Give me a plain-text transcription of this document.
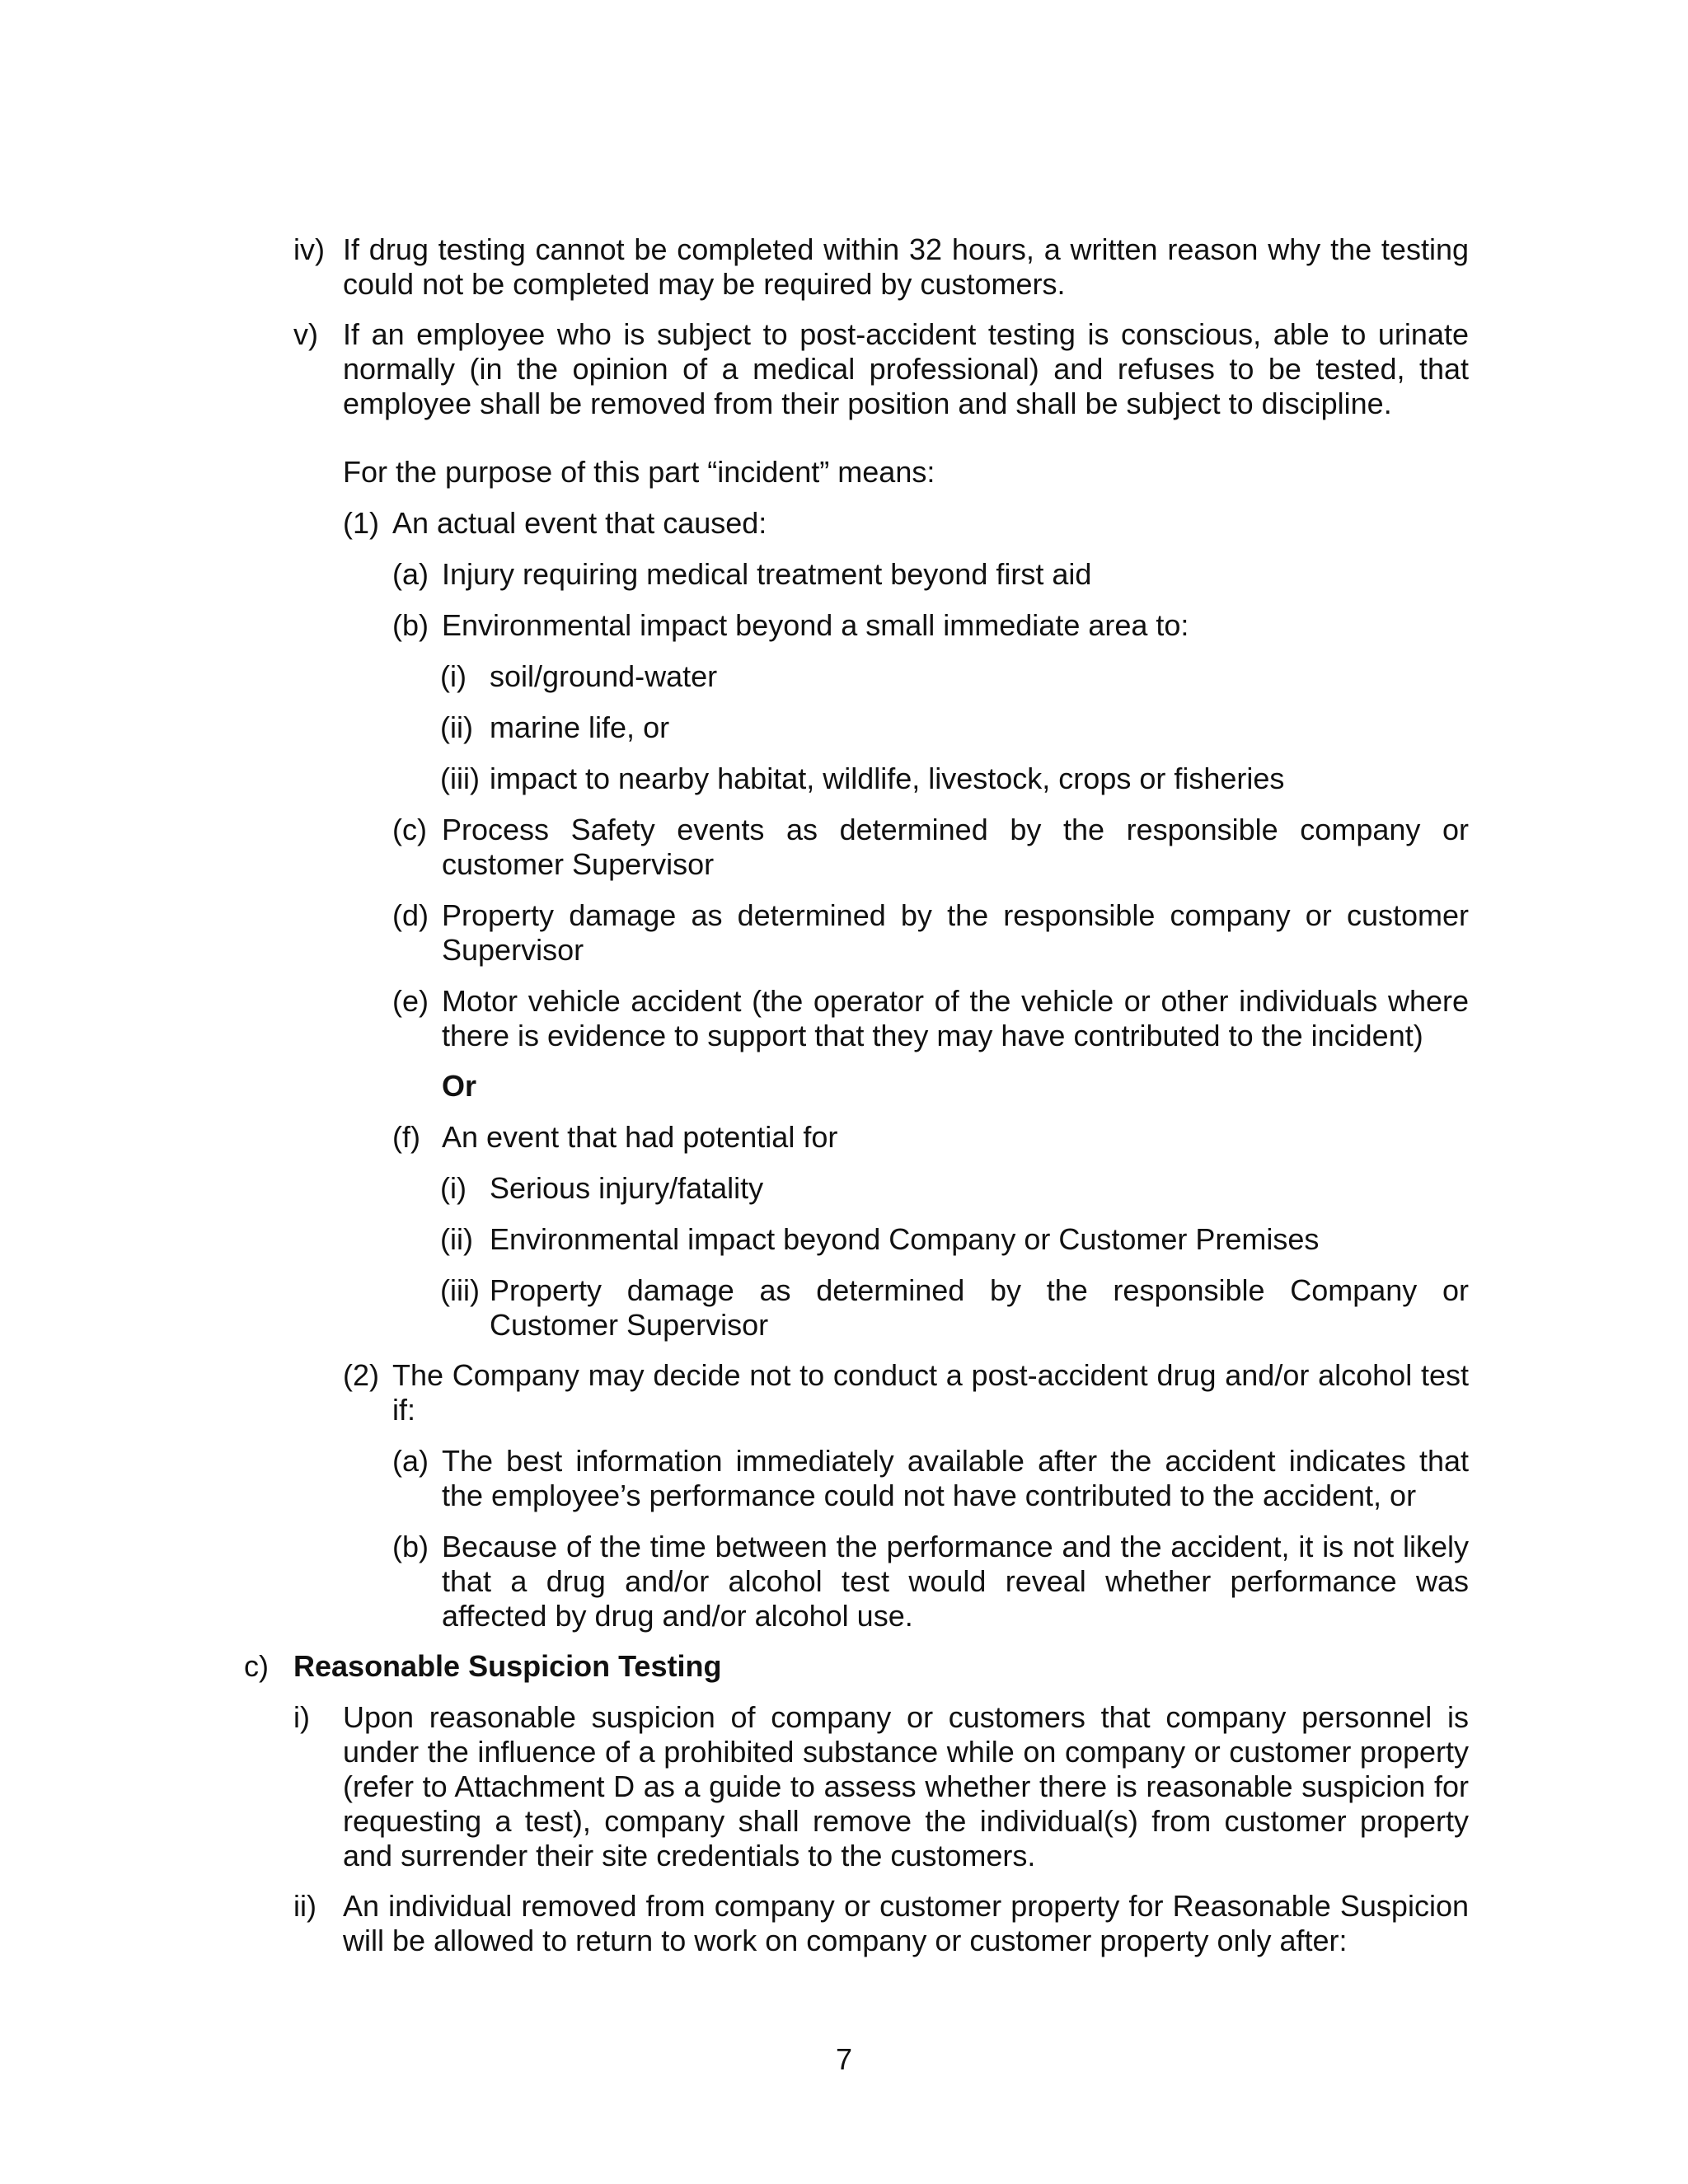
iv) If drug testing cannot be completed within 32 hours, a written reason why the testing could not be completed may be required by customers.
v) If an employee who is subject to post-accident testing is conscious, able to urinate normally (in the opinion of a medical professional) and refuses to be tested, that employee shall be removed from their position and shall be subject to discipline.
For the purpose of this part “incident” means:
(1) An actual event that caused:
(a) Injury requiring medical treatment beyond first aid
(b) Environmental impact beyond a small immediate area to:
(i) soil/ground-water
(ii) marine life, or
(iii) impact to nearby habitat, wildlife, livestock, crops or fisheries
(c) Process Safety events as determined by the responsible company or customer Supervisor
(d) Property damage as determined by the responsible company or customer Supervisor
(e) Motor vehicle accident (the operator of the vehicle or other individuals where there is evidence to support that they may have contributed to the incident)
Or
(f) An event that had potential for
(i) Serious injury/fatality
(ii) Environmental impact beyond Company or Customer Premises
(iii) Property damage as determined by the responsible Company or Customer Supervisor
(2) The Company may decide not to conduct a post-accident drug and/or alcohol test if:
(a) The best information immediately available after the accident indicates that the employee’s performance could not have contributed to the accident, or
(b) Because of the time between the performance and the accident, it is not likely that a drug and/or alcohol test would reveal whether performance was affected by drug and/or alcohol use.
c) Reasonable Suspicion Testing
i) Upon reasonable suspicion of company or customers that company personnel is under the influence of a prohibited substance while on company or customer property (refer to Attachment D as a guide to assess whether there is reasonable suspicion for requesting a test), company shall remove the individual(s) from customer property and surrender their site credentials to the customers.
ii) An individual removed from company or customer property for Reasonable Suspicion will be allowed to return to work on company or customer property only after:
7
